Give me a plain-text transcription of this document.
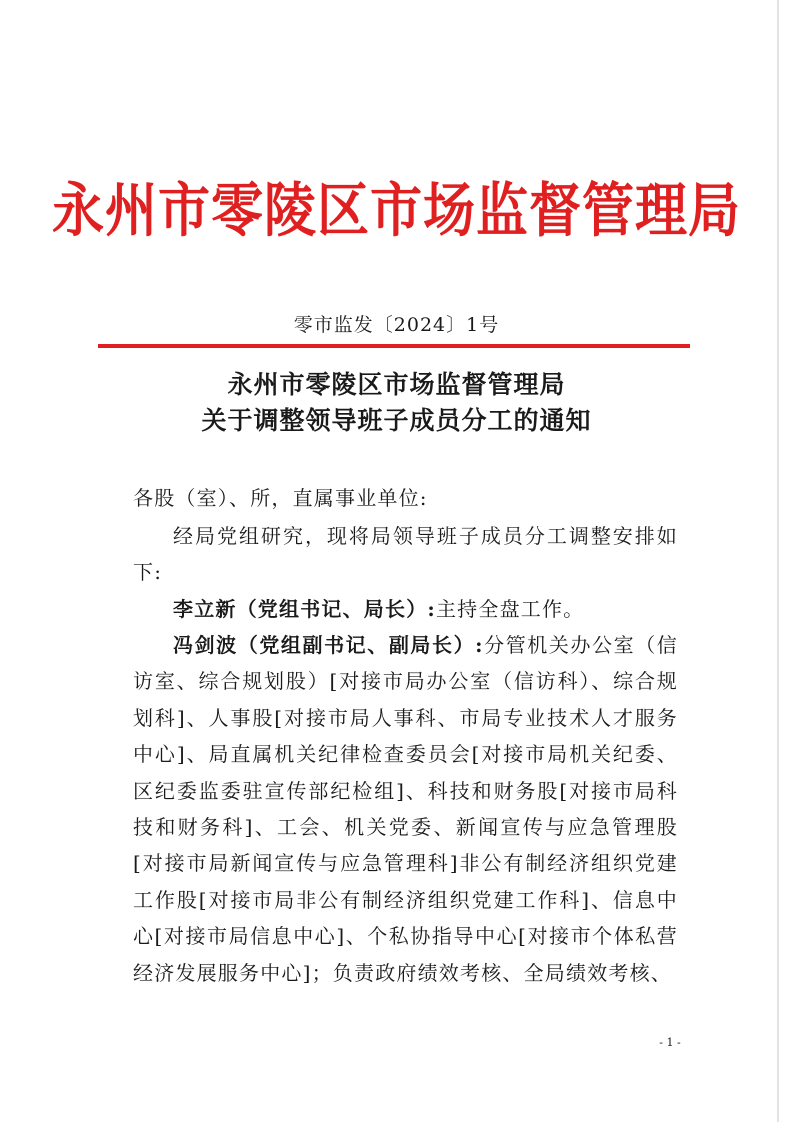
永州市零陵区市场监督管理局
零市监发〔2024〕1号
永州市零陵区市场监督管理局
关于调整领导班子成员分工的通知

各股（室）、所，直属事业单位:

经局党组研究，现将局领导班子成员分工调整安排如下:

李立新（党组书记、局长）:主持全盘工作。

冯剑波（党组副书记、副局长）:分管机关办公室（信访室、综合规划股）[对接市局办公室（信访科）、综合规划科]、人事股[对接市局人事科、市局专业技术人才服务中心]、局直属机关纪律检查委员会[对接市局机关纪委、区纪委监委驻宣传部纪检组]、科技和财务股[对接市局科技和财务科]、工会、机关党委、新闻宣传与应急管理股[对接市局新闻宣传与应急管理科]非公有制经济组织党建工作股[对接市局非公有制经济组织党建工作科]、信息中心[对接市局信息中心]、个私协指导中心[对接市个体私营经济发展服务中心]；负责政府绩效考核、全局绩效考核、

- 1 -
